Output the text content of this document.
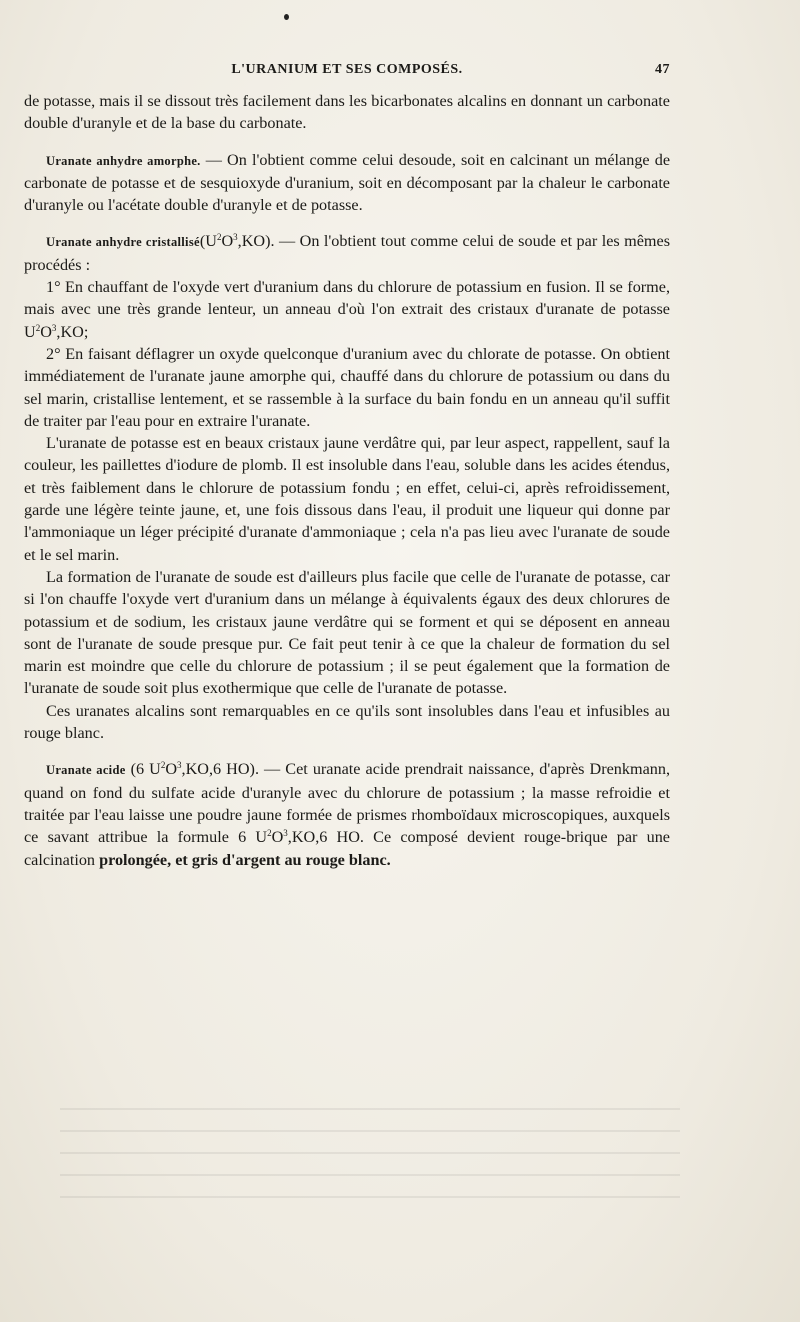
L'URANIUM ET SES COMPOSÉS.	47

de potasse, mais il se dissout très facilement dans les bicarbonates alcalins en donnant un carbonate double d'uranyle et de la base du carbonate.

Uranate anhydre amorphe. — On l'obtient comme celui desoude, soit en calcinant un mélange de carbonate de potasse et de sesquioxyde d'uranium, soit en décomposant par la chaleur le carbonate d'uranyle ou l'acétate double d'uranyle et de potasse.

Uranate anhydre $cristallisé(U^2O^3,KO)$. — On l'obtient tout comme celui de soude et par les mêmes procédés :

1° En chauffant de l'oxyde vert d'uranium dans du chlorure de potassium en fusion. Il se forme, mais avec une très grande lenteur, un anneau d'où l'on extrait des cristaux d'uranate de potasse $U^2O^3,KO$;

2° En faisant déflagrer un oxyde quelconque d'uranium avec du chlorate de potasse. On obtient immédiatement de l'uranate jaune amorphe qui, chauffé dans du chlorure de potassium ou dans du sel marin, cristallise lentement, et se rassemble à la surface du bain fondu en un anneau qu'il suffit de traiter par l'eau pour en extraire l'uranate.

L'uranate de potasse est en beaux cristaux jaune verdâtre qui, par leur aspect, rappellent, sauf la couleur, les paillettes d'iodure de plomb. Il est insoluble dans l'eau, soluble dans les acides étendus, et très faiblement dans le chlorure de potassium fondu ; en effet, celui-ci, après refroidissement, garde une légère teinte jaune, et, une fois dissous dans l'eau, il produit une liqueur qui donne par l'ammoniaque un léger précipité d'uranate d'ammoniaque ; cela n'a pas lieu avec l'uranate de soude et le sel marin.

La formation de l'uranate de soude est d'ailleurs plus facile que celle de l'uranate de potasse, car si l'on chauffe l'oxyde vert d'uranium dans un mélange à équivalents égaux des deux chlorures de potassium et de sodium, les cristaux jaune verdâtre qui se forment et qui se déposent en anneau sont de l'uranate de soude presque pur. Ce fait peut tenir à ce que la chaleur de formation du sel marin est moindre que celle du chlorure de potassium ; il se peut également que la formation de l'uranate de soude soit plus exothermique que celle de l'uranate de potasse.

Ces uranates alcalins sont remarquables en ce qu'ils sont insolubles dans l'eau et infusibles au rouge blanc.

Uranate acide (6 $U^2O^3,KO,6$ HO). — Cet uranate acide prendrait naissance, d'après Drenkmann, quand on fond du sulfate acide d'uranyle avec du chlorure de potassium ; la masse refroidie et traitée par l'eau laisse une poudre jaune formée de prismes rhomboïdaux microscopiques, auxquels ce savant attribue la formule 6 $U^2O^3,KO,6$ HO. Ce composé devient rouge-brique par une calcination prolongée, et gris d'argent au rouge blanc.
